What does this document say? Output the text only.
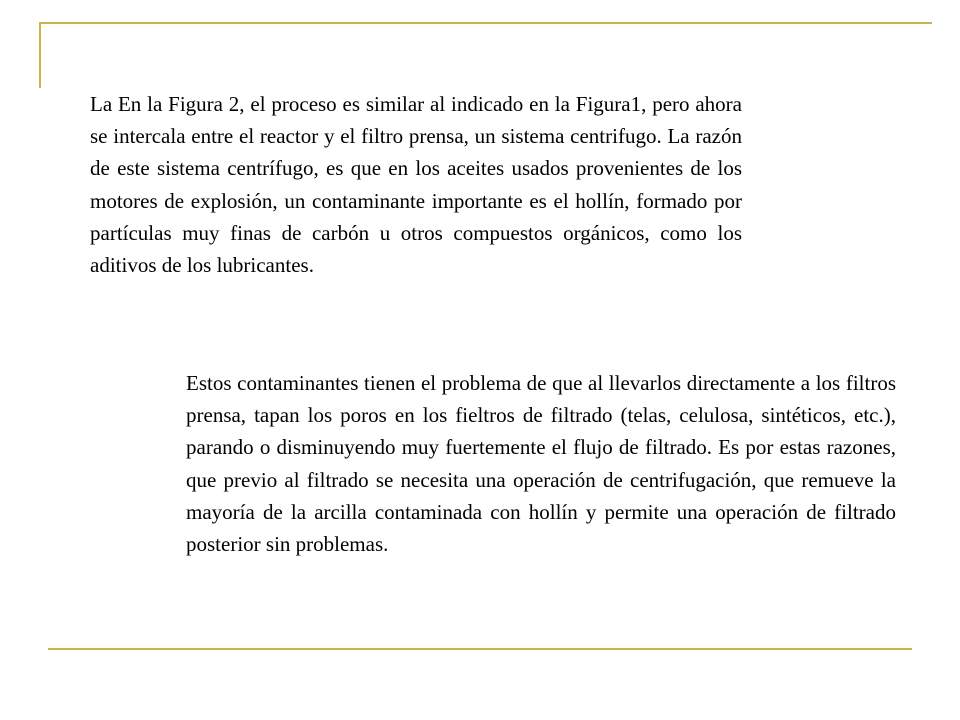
La En la Figura 2, el proceso es similar al indicado en la Figura1, pero ahora se intercala entre el reactor y el filtro prensa, un sistema centrifugo. La razón de este sistema centrífugo, es que en los aceites usados provenientes de los motores de explosión, un contaminante importante es el hollín, formado por partículas muy finas de carbón u otros compuestos orgánicos, como los aditivos de los lubricantes.

Estos contaminantes tienen el problema de que al llevarlos directamente a los filtros prensa, tapan los poros en los fieltros de filtrado (telas, celulosa, sintéticos, etc.), parando o disminuyendo muy fuertemente el flujo de filtrado. Es por estas razones, que previo al filtrado se necesita una operación de centrifugación, que remueve la mayoría de la arcilla contaminada con hollín y permite una operación de filtrado posterior sin problemas.
